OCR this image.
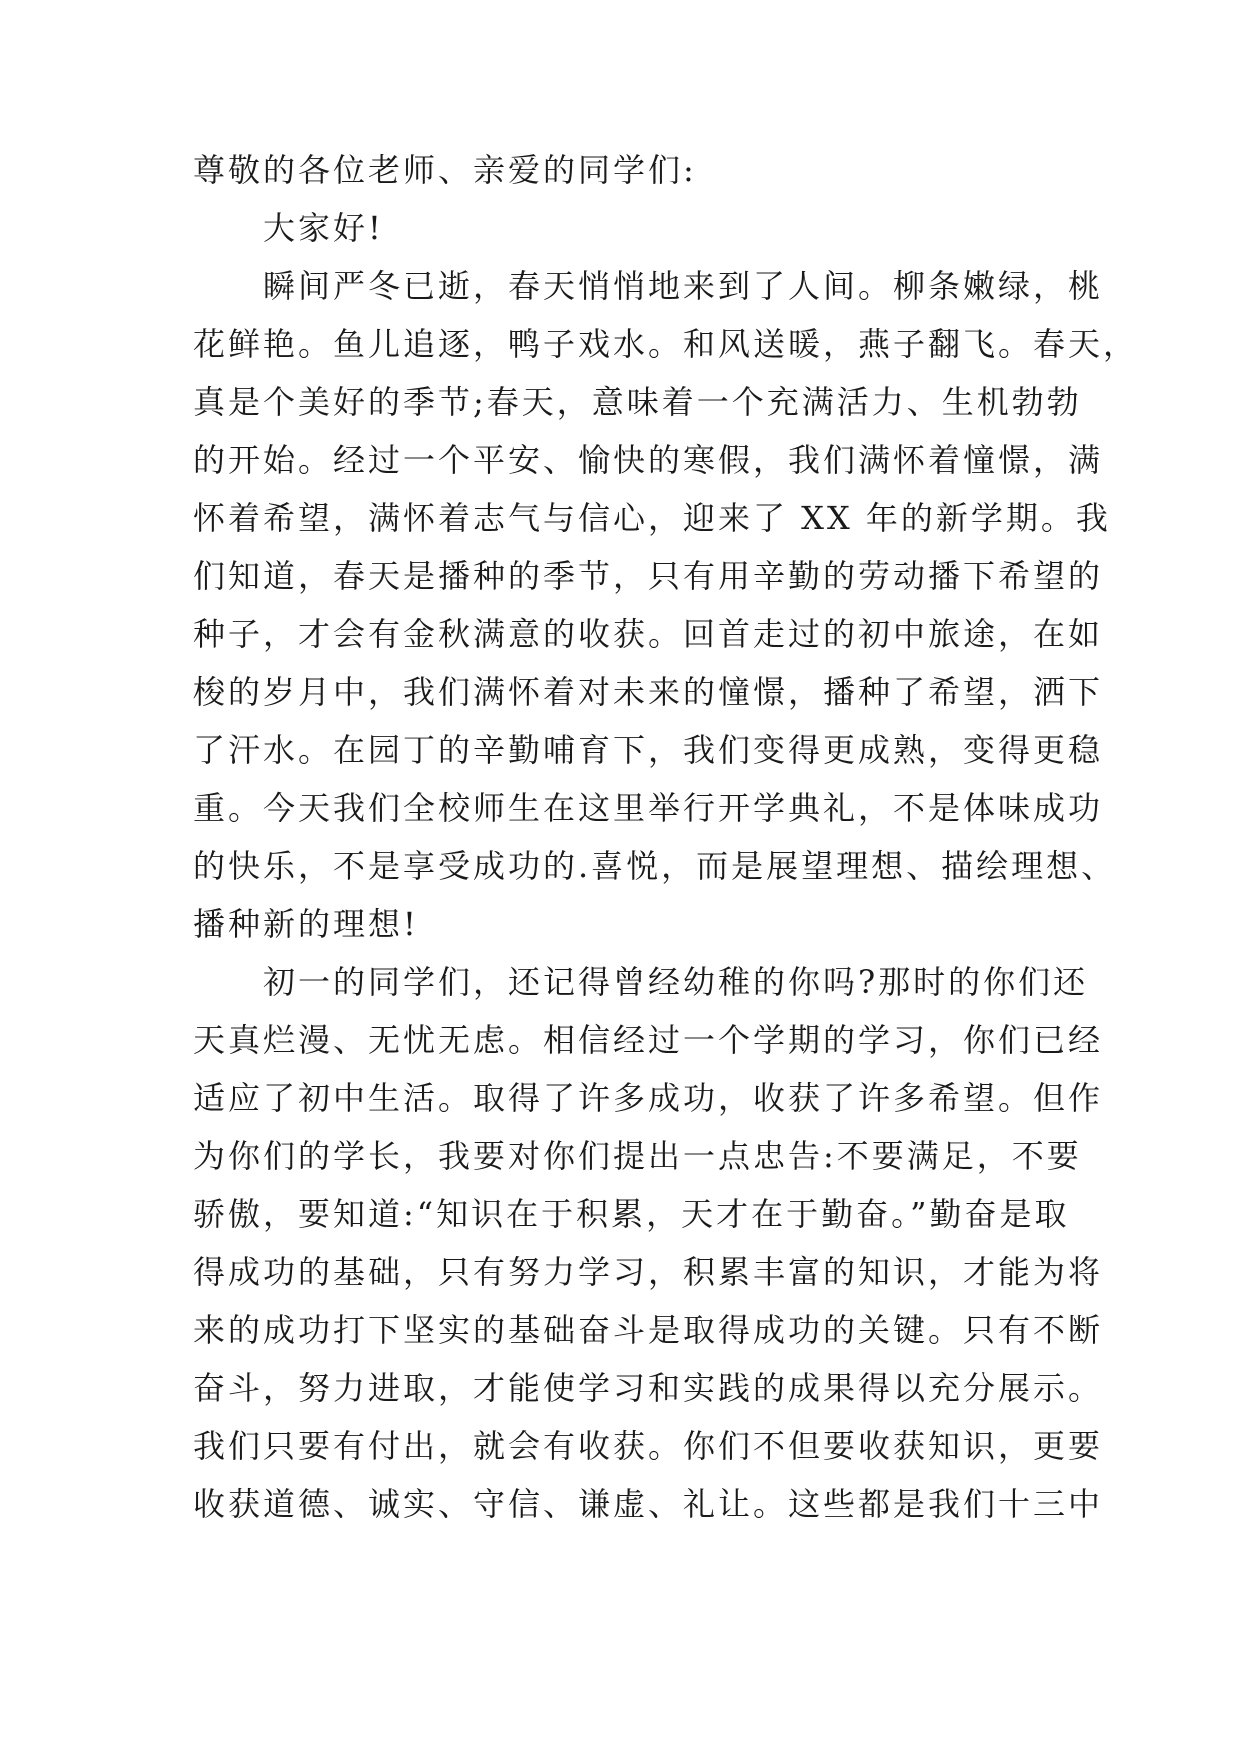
尊敬的各位老师、亲爱的同学们:
　　大家好!
　　瞬间严冬已逝，春天悄悄地来到了人间。柳条嫩绿，桃
花鲜艳。鱼儿追逐，鸭子戏水。和风送暖，燕子翻飞。春天，
真是个美好的季节;春天，意味着一个充满活力、生机勃勃
的开始。经过一个平安、愉快的寒假，我们满怀着憧憬，满
怀着希望，满怀着志气与信心，迎来了 XX 年的新学期。我
们知道，春天是播种的季节，只有用辛勤的劳动播下希望的
种子，才会有金秋满意的收获。回首走过的初中旅途，在如
梭的岁月中，我们满怀着对未来的憧憬，播种了希望，洒下
了汗水。在园丁的辛勤哺育下，我们变得更成熟，变得更稳
重。今天我们全校师生在这里举行开学典礼，不是体味成功
的快乐，不是享受成功的.喜悦，而是展望理想、描绘理想、
播种新的理想!
　　初一的同学们，还记得曾经幼稚的你吗?那时的你们还
天真烂漫、无忧无虑。相信经过一个学期的学习，你们已经
适应了初中生活。取得了许多成功，收获了许多希望。但作
为你们的学长，我要对你们提出一点忠告:不要满足，不要
骄傲，要知道:“知识在于积累，天才在于勤奋。”勤奋是取
得成功的基础，只有努力学习，积累丰富的知识，才能为将
来的成功打下坚实的基础奋斗是取得成功的关键。只有不断
奋斗，努力进取，才能使学习和实践的成果得以充分展示。
我们只要有付出，就会有收获。你们不但要收获知识，更要
收获道德、诚实、守信、谦虚、礼让。这些都是我们十三中
